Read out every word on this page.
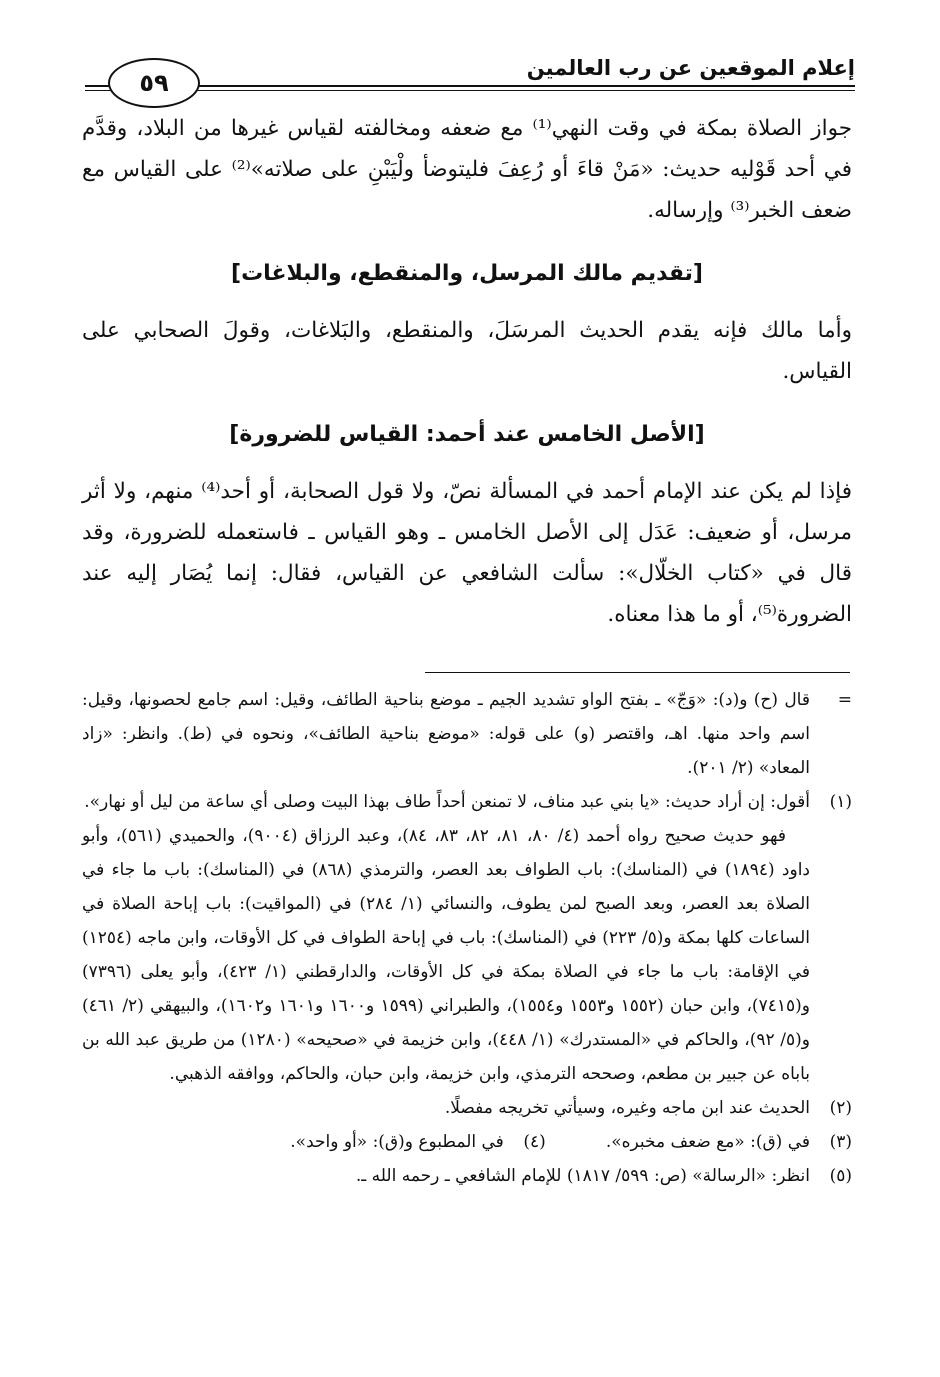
إعلام الموقعين عن رب العالمين
٥٩

جواز الصلاة بمكة في وقت النهي⁽¹⁾ مع ضعفه ومخالفته لقياس غيرها من البلاد، وقدَّم في أحد قَوْليه حديث: «مَنْ قاءَ أو رُعِفَ فليتوضأ ولْيَبْنِ على صلاته»⁽²⁾ على القياس مع ضعف الخبر⁽³⁾ وإرساله.

[تقديم مالك المرسل، والمنقطع، والبلاغات]

وأما مالك فإنه يقدم الحديث المرسَلَ، والمنقطع، والبَلاغات، وقولَ الصحابي على القياس.

[الأصل الخامس عند أحمد: القياس للضرورة]

فإذا لم يكن عند الإمام أحمد في المسألة نصّ، ولا قول الصحابة، أو أحد⁽⁴⁾ منهم، ولا أثر مرسل، أو ضعيف: عَدَل إلى الأصل الخامس ـ وهو القياس ـ فاستعمله للضرورة، وقد قال في «كتاب الخلّال»: سألت الشافعي عن القياس، فقال: إنما يُصَار إليه عند الضرورة⁽⁵⁾، أو ما هذا معناه.

=
قال (ح) و(د): «وَجّ» ـ بفتح الواو تشديد الجيم ـ موضع بناحية الطائف، وقيل: اسم جامع لحصونها، وقيل: اسم واحد منها. اهـ، واقتصر (و) على قوله: «موضع بناحية الطائف»، ونحوه في (ط). وانظر: «زاد المعاد» (٢/ ٢٠١).
(١)
أقول: إن أراد حديث: «يا بني عبد مناف، لا تمنعن أحداً طاف بهذا البيت وصلى أي ساعة من ليل أو نهار».
فهو حديث صحيح رواه أحمد (٤/ ٨٠، ٨١، ٨٢، ٨٣، ٨٤)، وعبد الرزاق (٩٠٠٤)، والحميدي (٥٦١)، وأبو داود (١٨٩٤) في (المناسك): باب الطواف بعد العصر، والترمذي (٨٦٨) في (المناسك): باب ما جاء في الصلاة بعد العصر، وبعد الصبح لمن يطوف، والنسائي (١/ ٢٨٤) في (المواقيت): باب إباحة الصلاة في الساعات كلها بمكة و(٥/ ٢٢٣) في (المناسك): باب في إباحة الطواف في كل الأوقات، وابن ماجه (١٢٥٤) في الإقامة: باب ما جاء في الصلاة بمكة في كل الأوقات، والدارقطني (١/ ٤٢٣)، وأبو يعلى (٧٣٩٦) و(٧٤١٥)، وابن حبان (١٥٥٢ و١٥٥٣ و١٥٥٤)، والطبراني (١٥٩٩ و١٦٠٠ و١٦٠١ و١٦٠٢)، والبيهقي (٢/ ٤٦١) و(٥/ ٩٢)، والحاكم في «المستدرك» (١/ ٤٤٨)، وابن خزيمة في «صحيحه» (١٢٨٠) من طريق عبد الله بن باباه عن جبير بن مطعم، وصححه الترمذي، وابن خزيمة، وابن حبان، والحاكم، ووافقه الذهبي.
(٢)
الحديث عند ابن ماجه وغيره، وسيأتي تخريجه مفصلًا.
(٣)
في (ق): «مع ضعف مخبره».
(٤)
في المطبوع و(ق): «أو واحد».
(٥)
انظر: «الرسالة» (ص: ٥٩٩/ ١٨١٧) للإمام الشافعي ـ رحمه الله ـ.
